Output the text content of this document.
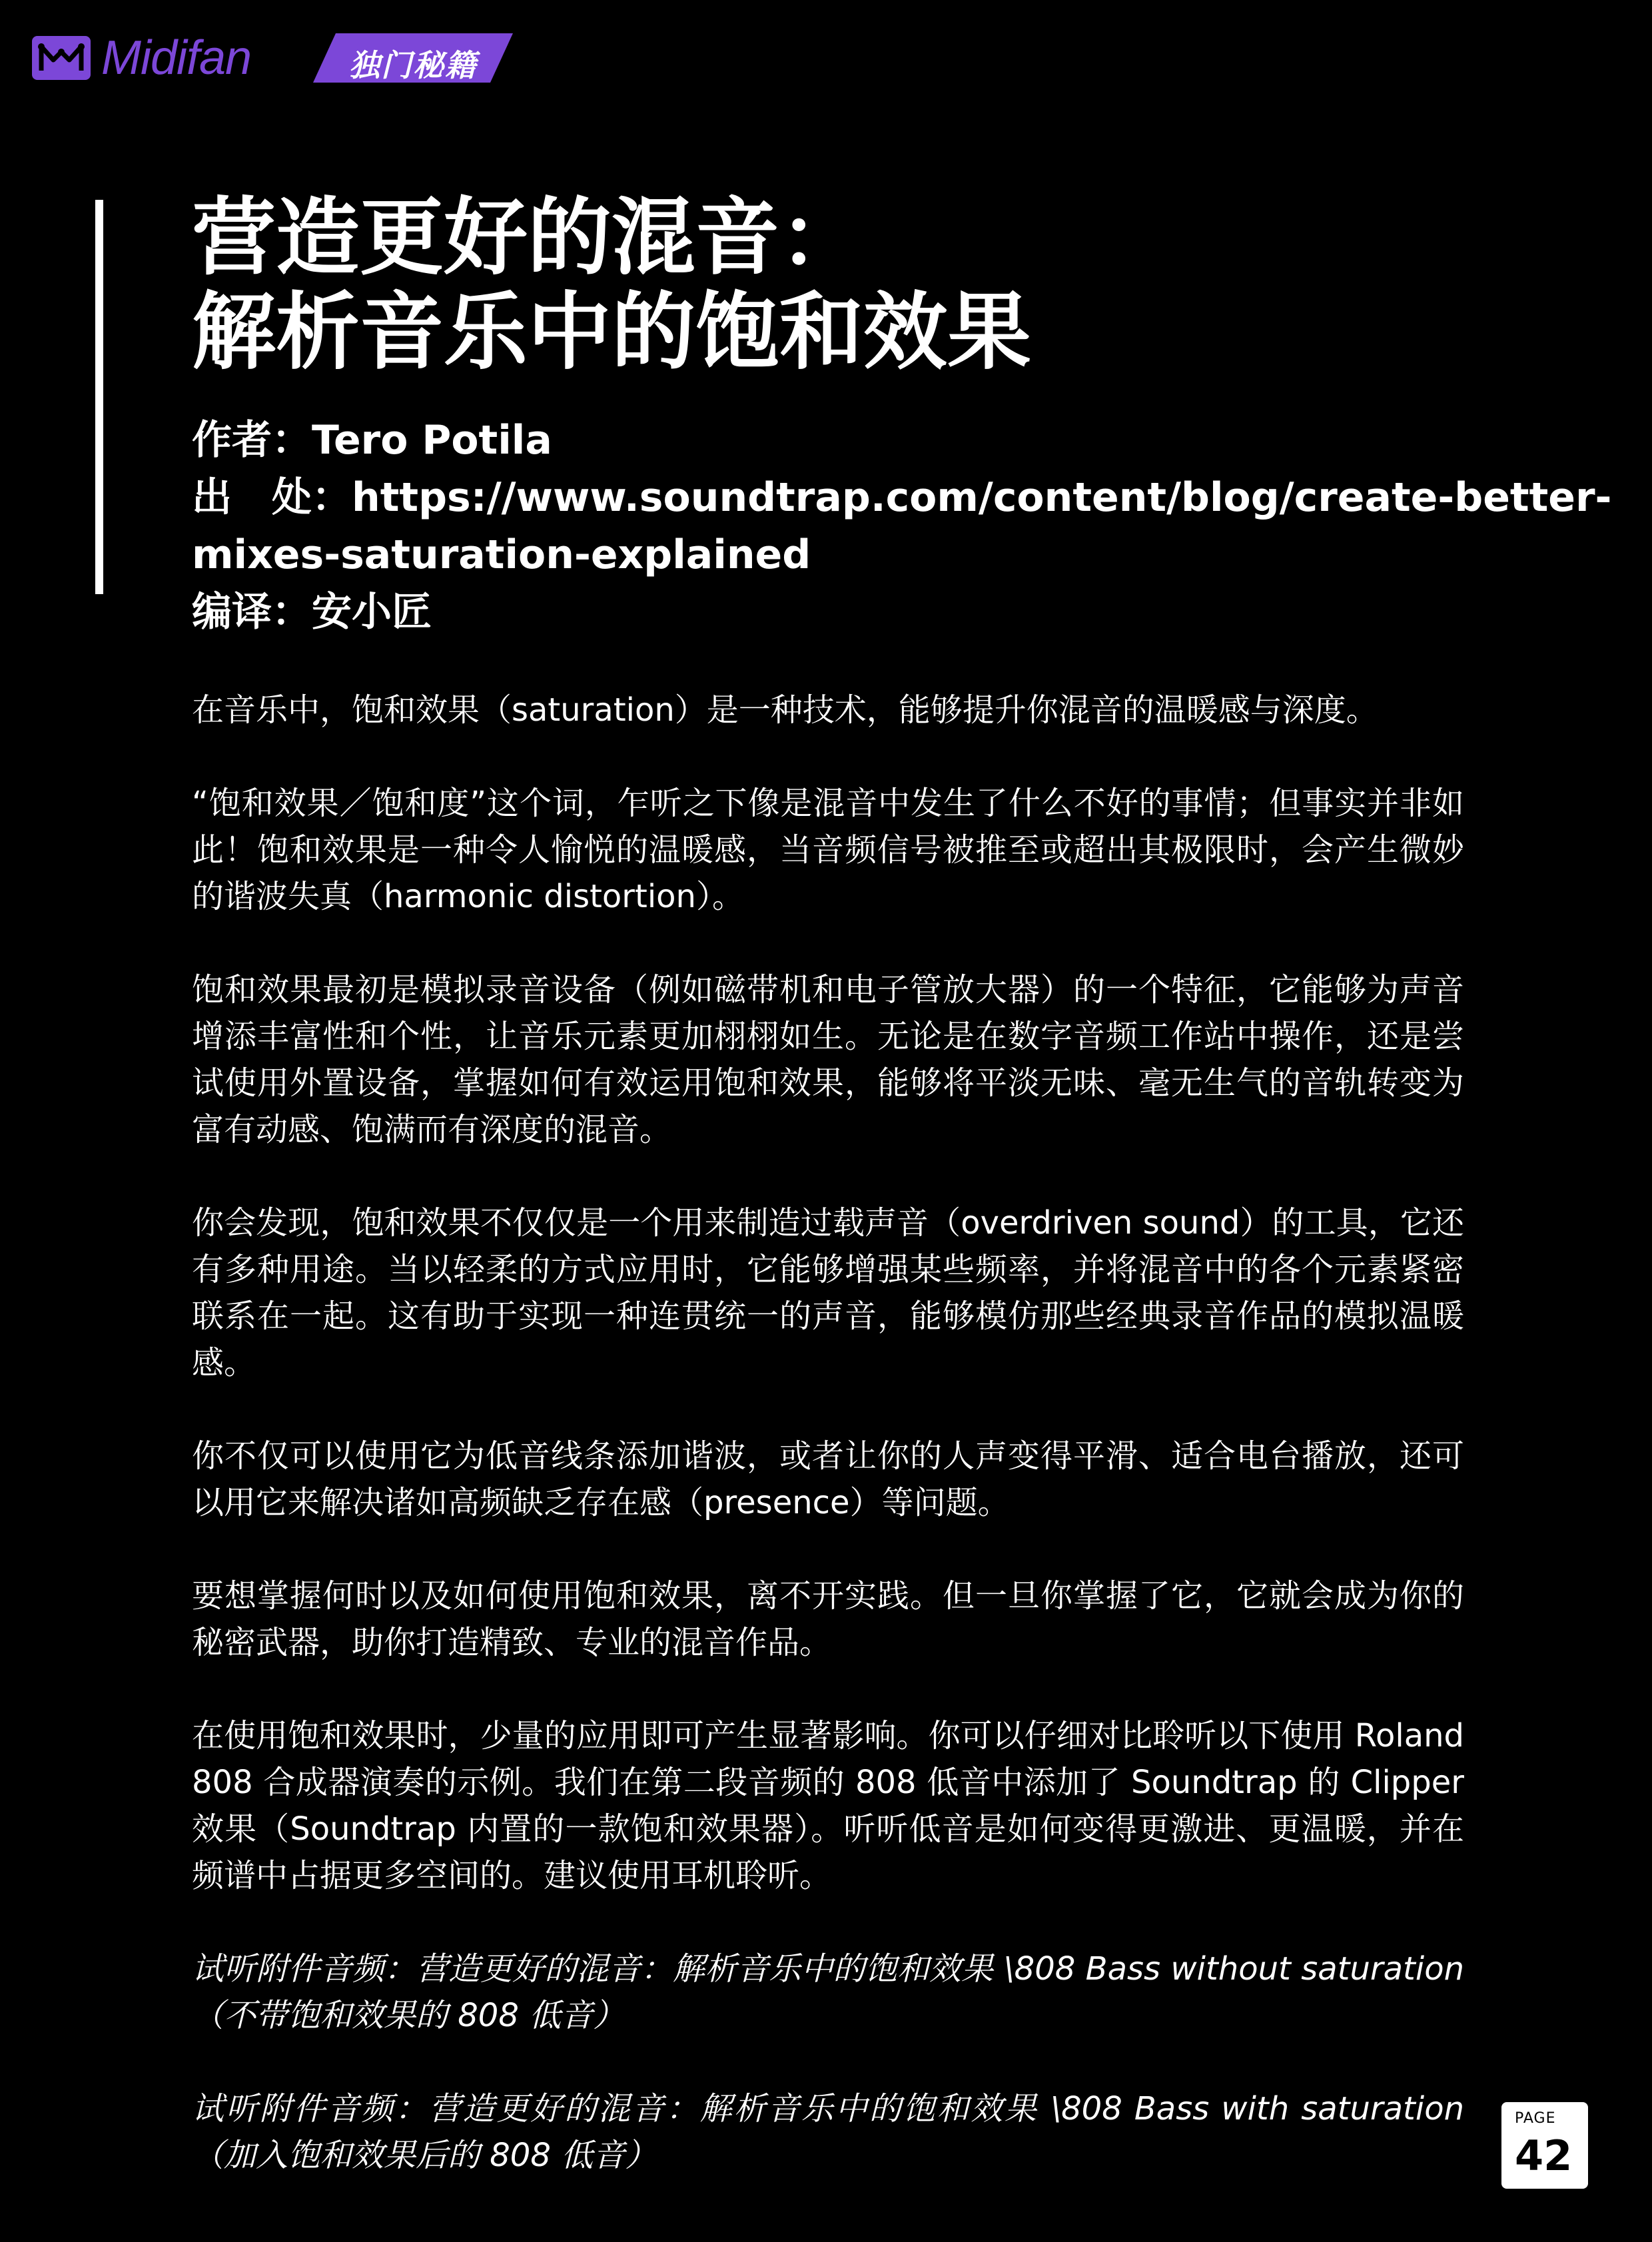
Midifan	独门秘籍
营造更好的混音：
解析音乐中的饱和效果
作者：Tero Potila
出　处：https://www.soundtrap.com/content/blog/create-better-
mixes-saturation-explained
编译：安小匠

在音乐中，饱和效果（saturation）是一种技术，能够提升你混音的温暖感与深度。

“饱和效果／饱和度”这个词，乍听之下像是混音中发生了什么不好的事情；但事实并非如此！饱和效果是一种令人愉悦的温暖感，当音频信号被推至或超出其极限时，会产生微妙的谐波失真（harmonic distortion）。

饱和效果最初是模拟录音设备（例如磁带机和电子管放大器）的一个特征，它能够为声音增添丰富性和个性，让音乐元素更加栩栩如生。无论是在数字音频工作站中操作，还是尝试使用外置设备，掌握如何有效运用饱和效果，能够将平淡无味、毫无生气的音轨转变为富有动感、饱满而有深度的混音。

你会发现，饱和效果不仅仅是一个用来制造过载声音（overdriven sound）的工具，它还有多种用途。当以轻柔的方式应用时，它能够增强某些频率，并将混音中的各个元素紧密联系在一起。这有助于实现一种连贯统一的声音，能够模仿那些经典录音作品的模拟温暖感。

你不仅可以使用它为低音线条添加谐波，或者让你的人声变得平滑、适合电台播放，还可以用它来解决诸如高频缺乏存在感（presence）等问题。

要想掌握何时以及如何使用饱和效果，离不开实践。但一旦你掌握了它，它就会成为你的秘密武器，助你打造精致、专业的混音作品。

在使用饱和效果时，少量的应用即可产生显著影响。你可以仔细对比聆听以下使用 Roland 808 合成器演奏的示例。我们在第二段音频的 808 低音中添加了 Soundtrap 的 Clipper 效果（Soundtrap 内置的一款饱和效果器）。听听低音是如何变得更激进、更温暖，并在频谱中占据更多空间的。建议使用耳机聆听。

试听附件音频：营造更好的混音：解析音乐中的饱和效果 \808 Bass without saturation（不带饱和效果的 808 低音）

试听附件音频：营造更好的混音：解析音乐中的饱和效果 \808 Bass with saturation（加入饱和效果后的 808 低音）

PAGE
42
